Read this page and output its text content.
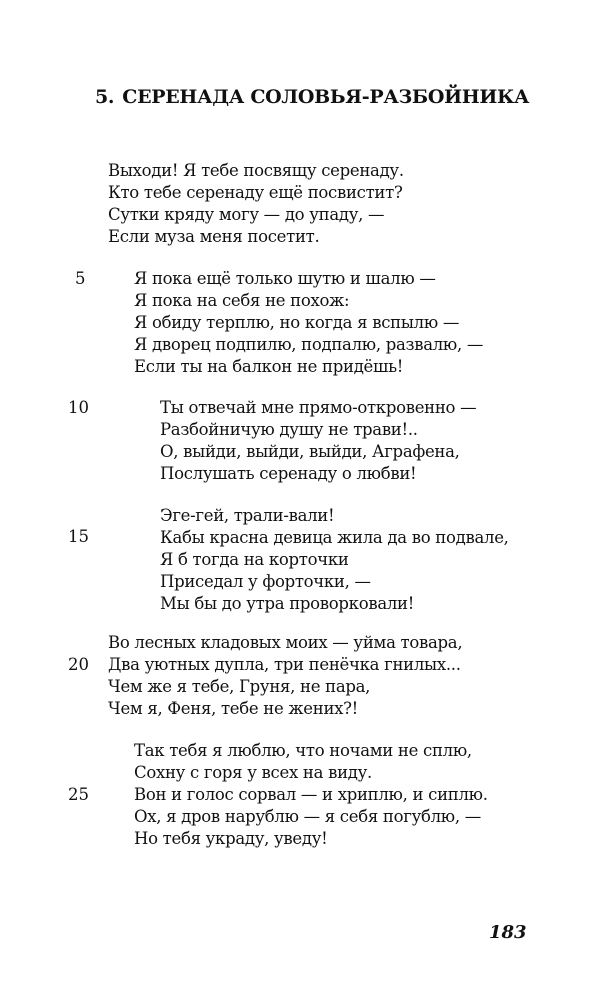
5. СЕРЕНАДА СОЛОВЬЯ-РАЗБОЙНИКА
Выходи! Я тебе посвящу серенаду.
Кто тебе серенаду ещё посвистит?
Сутки кряду могу — до упаду, —
Если муза меня посетит.
5	Я пока ещё только шутю и шалю —
Я пока на себя не похож:
Я обиду терплю, но когда я вспылю —
Я дворец подпилю, подпалю, развалю, —
Если ты на балкон не придёшь!
10	Ты отвечай мне прямо-откровенно —
Разбойничую душу не трави!..
О, выйди, выйди, выйди, Аграфена,
Послушать серенаду о любви!
15
Эге-гей, трали-вали!
Кабы красна девица жила да во подвале,
Я б тогда на корточки
Приседал у форточки, —
Мы бы до утра проворковали!
20
Во лесных кладовых моих — уйма товара,
Два уютных дупла, три пенёчка гнилых...
Чем же я тебе, Груня, не пара,
Чем я, Феня, тебе не жених?!
25
Так тебя я люблю, что ночами не сплю,
Сохну с горя у всех на виду.
Вон и голос сорвал — и хриплю, и сиплю.
Ох, я дров нарублю — я себя погублю, —
Но тебя украду, уведу!
183
